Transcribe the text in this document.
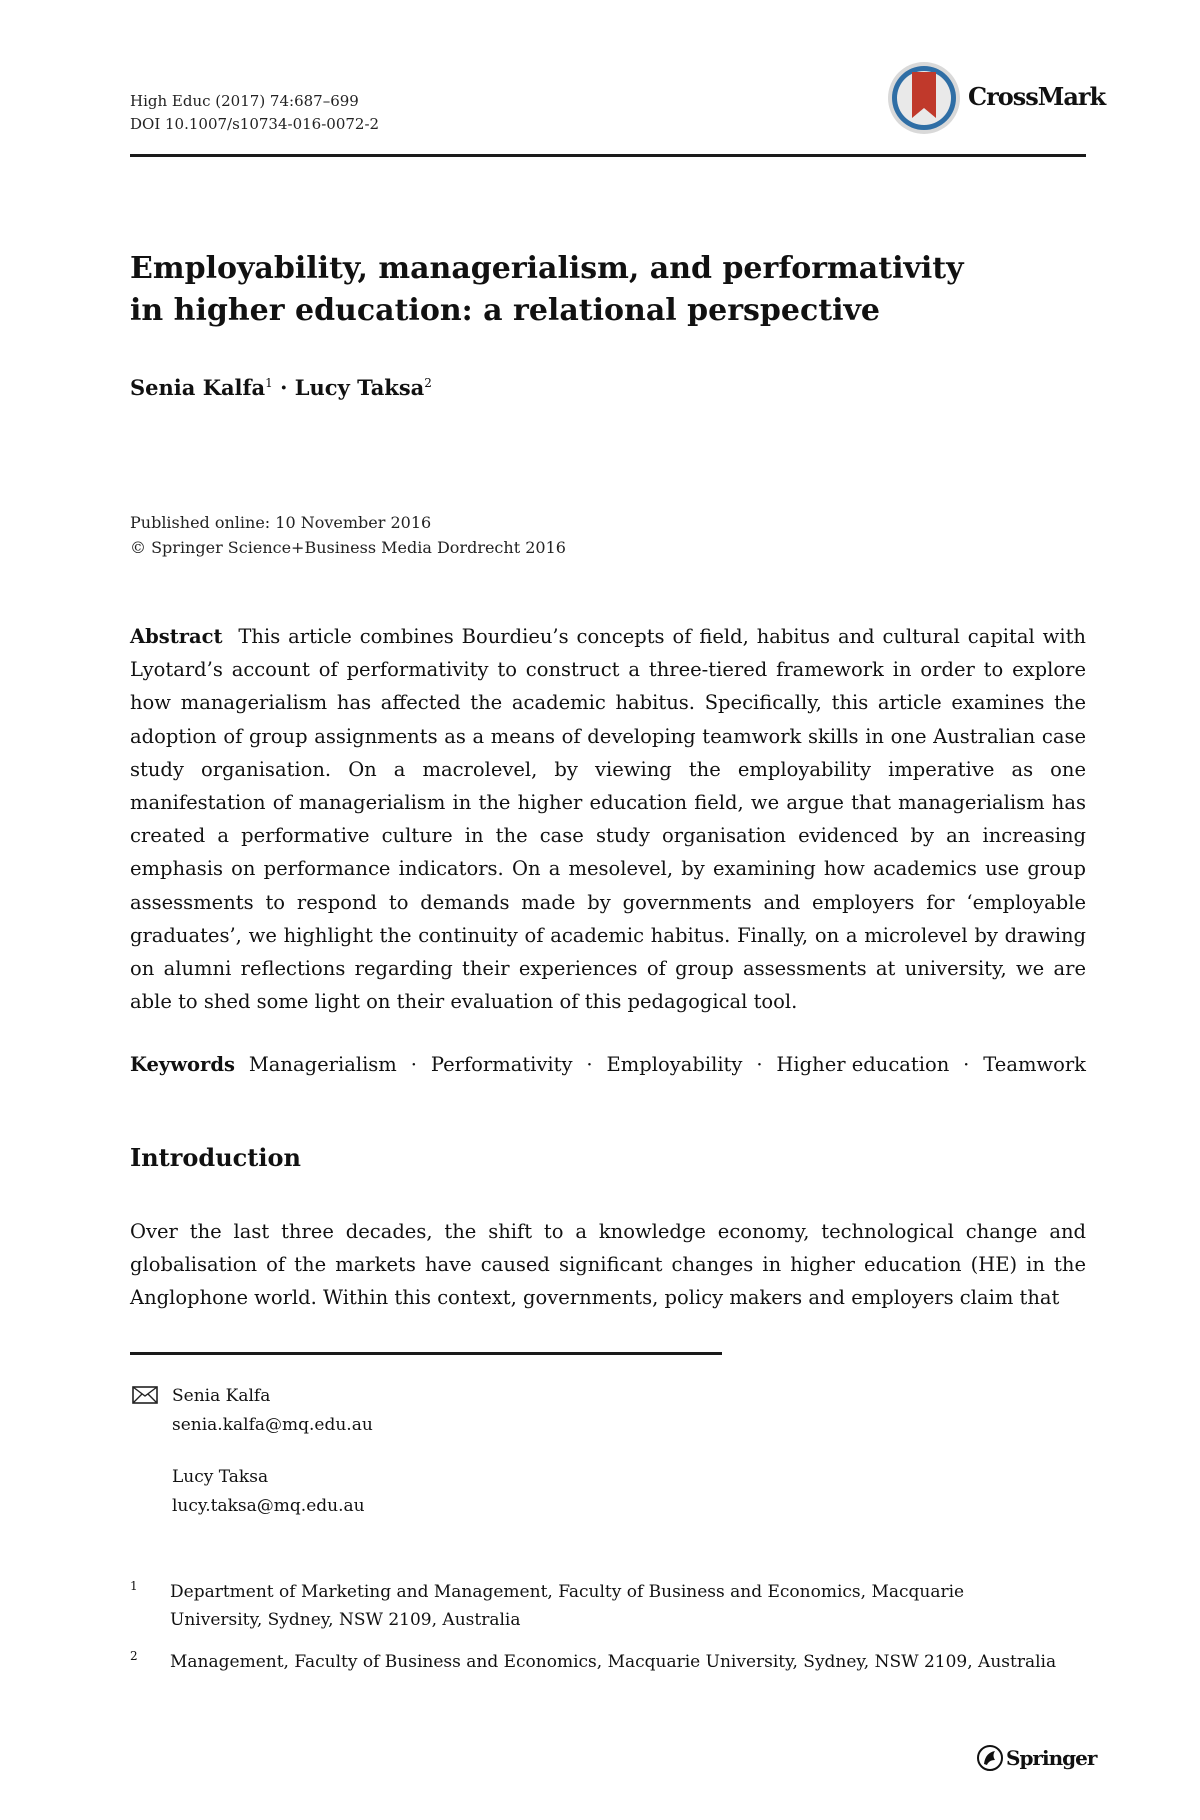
High Educ (2017) 74:687–699
DOI 10.1007/s10734-016-0072-2
CrossMark
Employability, managerialism, and performativity
in higher education: a relational perspective
Senia Kalfa$^1$ · Lucy Taksa$^2$
Published online: 10 November 2016
© Springer Science+Business Media Dordrecht 2016
Abstract This article combines Bourdieu’s concepts of field, habitus and cultural capital with Lyotard’s account of performativity to construct a three-tiered framework in order to explore how managerialism has affected the academic habitus. Specifically, this article examines the adoption of group assignments as a means of developing teamwork skills in one Australian case study organisation. On a macrolevel, by viewing the employability imperative as one manifestation of managerialism in the higher education field, we argue that managerialism has created a performative culture in the case study organisation evidenced by an increasing emphasis on performance indicators. On a mesolevel, by examining how academics use group assessments to respond to demands made by governments and employers for ‘employable graduates’, we highlight the continuity of academic habitus. Finally, on a microlevel by drawing on alumni reflections regarding their experiences of group assessments at university, we are able to shed some light on their evaluation of this pedagogical tool.
Keywords Managerialism · Performativity · Employability · Higher education · Teamwork
Introduction
Over the last three decades, the shift to a knowledge economy, technological change and globalisation of the markets have caused significant changes in higher education (HE) in the Anglophone world. Within this context, governments, policy makers and employers claim that
Senia Kalfa
senia.kalfa@mq.edu.au
Lucy Taksa
lucy.taksa@mq.edu.au
1 Department of Marketing and Management, Faculty of Business and Economics, Macquarie University, Sydney, NSW 2109, Australia
2 Management, Faculty of Business and Economics, Macquarie University, Sydney, NSW 2109, Australia
Springer
